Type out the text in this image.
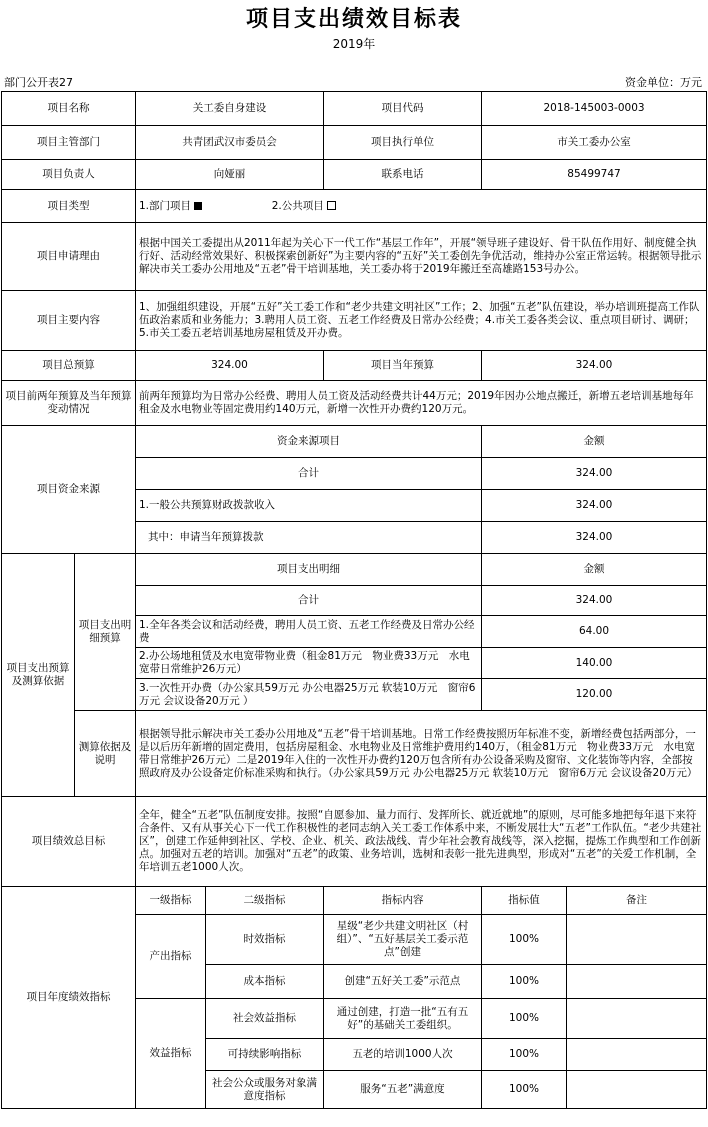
项目支出绩效目标表
2019年
部门公开表27	资金单位：万元
项目名称		关工委自身建设		项目代码	2018-145003-0003	
项目主管部门		共青团武汉市委员会		项目执行单位	市关工委办公室	
项目负责人		向娅丽		联系电话	85499747	
项目类型		1.部门项目 2.公共项目				
项目申请理由		根据中国关工委提出从2011年起为关心下一代工作“基层工作年”，开展“领导班子建设好、骨干队伍作用好、制度健全执行好、活动经常效果好、积极探索创新好”为主要内容的“五好”关工委创先争优活动，维持办公室正常运转。根据领导批示解决市关工委办公用地及“五老”骨干培训基地，关工委办将于2019年搬迁至高雄路153号办公。				
项目主要内容		1、加强组织建设，开展“五好”关工委工作和“老少共建文明社区”工作；2、加强“五老”队伍建设，举办培训班提高工作队伍政治素质和业务能力；3.聘用人员工资、五老工作经费及日常办公经费；4.市关工委各类会议、重点项目研讨、调研；5.市关工委五老培训基地房屋租赁及开办费。				
项目总预算		324.00		项目当年预算	324.00	
项目前两年预算及当年预算变动情况		前两年预算均为日常办公经费、聘用人员工资及活动经费共计44万元；2019年因办公地点搬迁，新增五老培训基地每年租金及水电物业等固定费用约140万元，新增一次性开办费约120万元。				
项目资金来源		资金来源项目			金额	
		合计			324.00	
		1.一般公共预算财政拨款收入			324.00	
		其中：申请当年预算拨款			324.00	
项目支出预算及测算依据	项目支出明细预算	项目支出明细			金额	
		合计			324.00	
		1.全年各类会议和活动经费，聘用人员工资、五老工作经费及日常办公经费			64.00	
		2.办公场地租赁及水电宽带物业费（租金81万元　物业费33万元　水电宽带日常维护26万元）			140.00	
		3.一次性开办费（办公家具59万元 办公电器25万元 软装10万元　窗帘6万元 会议设备20万元 ）			120.00	
	测算依据及说明	根据领导批示解决市关工委办公用地及“五老”骨干培训基地。日常工作经费按照历年标准不变，新增经费包括两部分，一是以后历年新增的固定费用，包括房屋租金、水电物业及日常维护费用约140万，（租金81万元　物业费33万元　水电宽带日常维护26万元）二是2019年入住的一次性开办费约120万包含所有办公设备采购及窗帘、文化装饰等内容，全部按照政府及办公设备定价标准采购和执行。（办公家具59万元 办公电器25万元 软装10万元　窗帘6万元 会议设备20万元）				
项目绩效总目标		全年，健全“五老”队伍制度安排。按照“自愿参加、量力而行、发挥所长、就近就地”的原则，尽可能多地把每年退下来符合条件、又有从事关心下一代工作积极性的老同志纳入关工委工作体系中来，不断发展壮大“五老”工作队伍。“老少共建社区”，创建工作延伸到社区、学校、企业、机关、政法战线、青少年社会教育战线等，深入挖掘，提炼工作典型和工作创新点。加强对五老的培训。加强对“五老”的政策、业务培训，选树和表彰一批先进典型，形成对“五老”的关爱工作机制，全年培训五老1000人次。				
项目年度绩效指标		一级指标	二级指标	指标内容	指标值	备注
		产出指标	时效指标	星级“老少共建文明社区（村组）”、“五好基层关工委示范点”创建	100%	
			成本指标	创建“五好关工委”示范点	100%	
		效益指标	社会效益指标	通过创建，打造一批“五有五好”的基础关工委组织。	100%	
			可持续影响指标	五老的培训1000人次	100%	
			社会公众或服务对象满意度指标	服务“五老”满意度	100%	
